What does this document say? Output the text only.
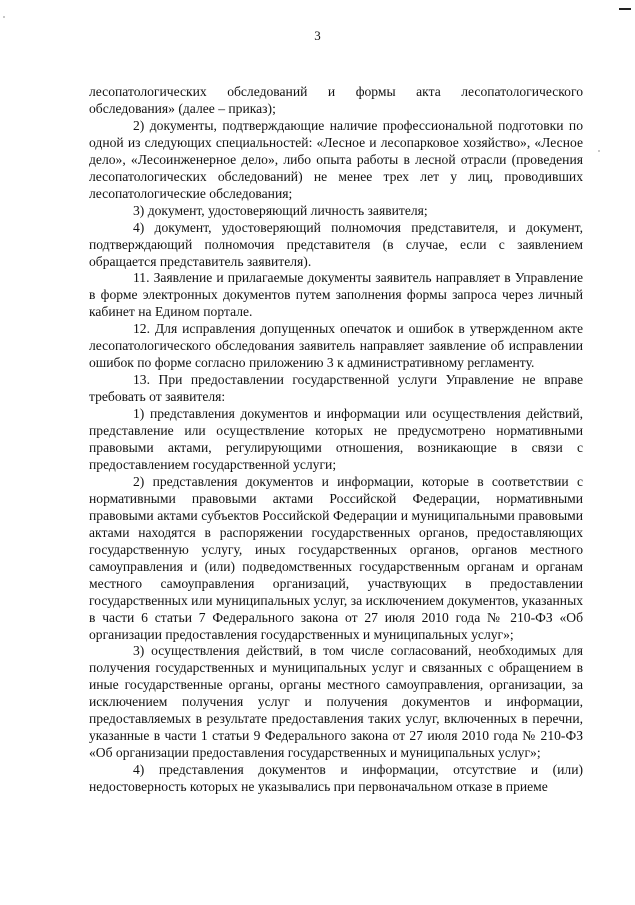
3

лесопатологических обследований и формы акта лесопатологического обследования» (далее – приказ);

2) документы, подтверждающие наличие профессиональной подготовки по одной из следующих специальностей: «Лесное и лесопарковое хозяйство», «Лесное дело», «Лесоинженерное дело», либо опыта работы в лесной отрасли (проведения лесопатологических обследований) не менее трех лет у лиц, проводивших лесопатологические обследования;

3) документ, удостоверяющий личность заявителя;

4) документ, удостоверяющий полномочия представителя, и документ, подтверждающий полномочия представителя (в случае, если с заявлением обращается представитель заявителя).

11. Заявление и прилагаемые документы заявитель направляет в Управление в форме электронных документов путем заполнения формы запроса через личный кабинет на Едином портале.

12. Для исправления допущенных опечаток и ошибок в утвержденном акте лесопатологического обследования заявитель направляет заявление об исправлении ошибок по форме согласно приложению 3 к административному регламенту.

13. При предоставлении государственной услуги Управление не вправе требовать от заявителя:

1) представления документов и информации или осуществления действий, представление или осуществление которых не предусмотрено нормативными правовыми актами, регулирующими отношения, возникающие в связи с предоставлением государственной услуги;

2) представления документов и информации, которые в соответствии с нормативными правовыми актами Российской Федерации, нормативными правовыми актами субъектов Российской Федерации и муниципальными правовыми актами находятся в распоряжении государственных органов, предоставляющих государственную услугу, иных государственных органов, органов местного самоуправления и (или) подведомственных государственным органам и органам местного самоуправления организаций, участвующих в предоставлении государственных или муниципальных услуг, за исключением документов, указанных в части 6 статьи 7 Федерального закона от 27 июля 2010 года № 210-ФЗ «Об организации предоставления государственных и муниципальных услуг»;

3) осуществления действий, в том числе согласований, необходимых для получения государственных и муниципальных услуг и связанных с обращением в иные государственные органы, органы местного самоуправления, организации, за исключением получения услуг и получения документов и информации, предоставляемых в результате предоставления таких услуг, включенных в перечни, указанные в части 1 статьи 9 Федерального закона от 27 июля 2010 года № 210-ФЗ «Об организации предоставления государственных и муниципальных услуг»;

4) представления документов и информации, отсутствие и (или) недостоверность которых не указывались при первоначальном отказе в приеме
